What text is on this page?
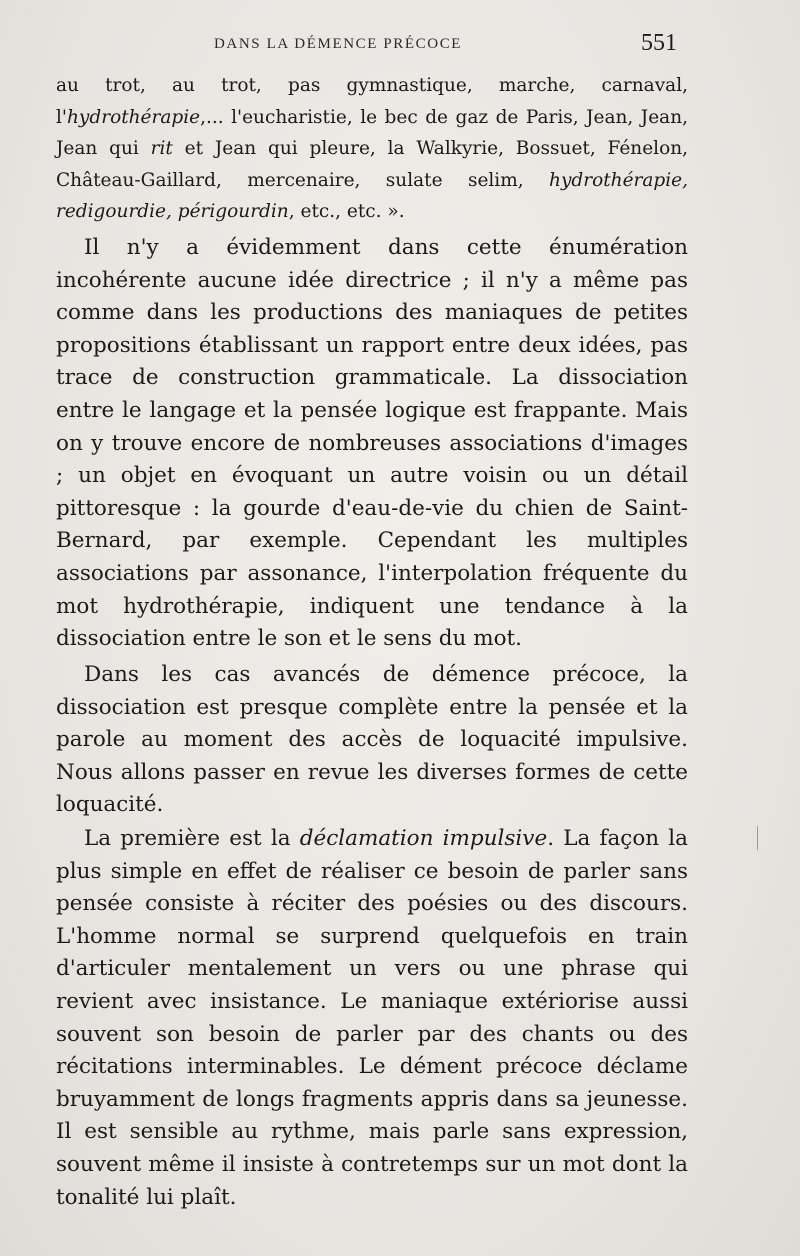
DANS LA DÉMENCE PRÉCOCE	551
au trot, au trot, pas gymnastique, marche, carnaval, l'hydrothérapie,... l'eucharistie, le bec de gaz de Paris, Jean, Jean, Jean qui rit et Jean qui pleure, la Walkyrie, Bossuet, Fénelon, Château-Gaillard, mercenaire, sulate selim, hydrothérapie, redigourdie, périgourdin, etc., etc. ».

Il n'y a évidemment dans cette énumération incohérente aucune idée directrice ; il n'y a même pas comme dans les productions des maniaques de petites propositions établissant un rapport entre deux idées, pas trace de construction grammaticale. La dissociation entre le langage et la pensée logique est frappante. Mais on y trouve encore de nombreuses associations d'images ; un objet en évoquant un autre voisin ou un détail pittoresque : la gourde d'eau-de-vie du chien de Saint-Bernard, par exemple. Cependant les multiples associations par assonance, l'interpolation fréquente du mot hydrothérapie, indiquent une tendance à la dissociation entre le son et le sens du mot.

Dans les cas avancés de démence précoce, la dissociation est presque complète entre la pensée et la parole au moment des accès de loquacité impulsive. Nous allons passer en revue les diverses formes de cette loquacité.

La première est la déclamation impulsive. La façon la plus simple en effet de réaliser ce besoin de parler sans pensée consiste à réciter des poésies ou des discours. L'homme normal se surprend quelquefois en train d'articuler mentalement un vers ou une phrase qui revient avec insistance. Le maniaque extériorise aussi souvent son besoin de parler par des chants ou des récitations interminables. Le dément précoce déclame bruyamment de longs fragments appris dans sa jeunesse. Il est sensible au rythme, mais parle sans expression, souvent même il insiste à contretemps sur un mot dont la tonalité lui plaît.
